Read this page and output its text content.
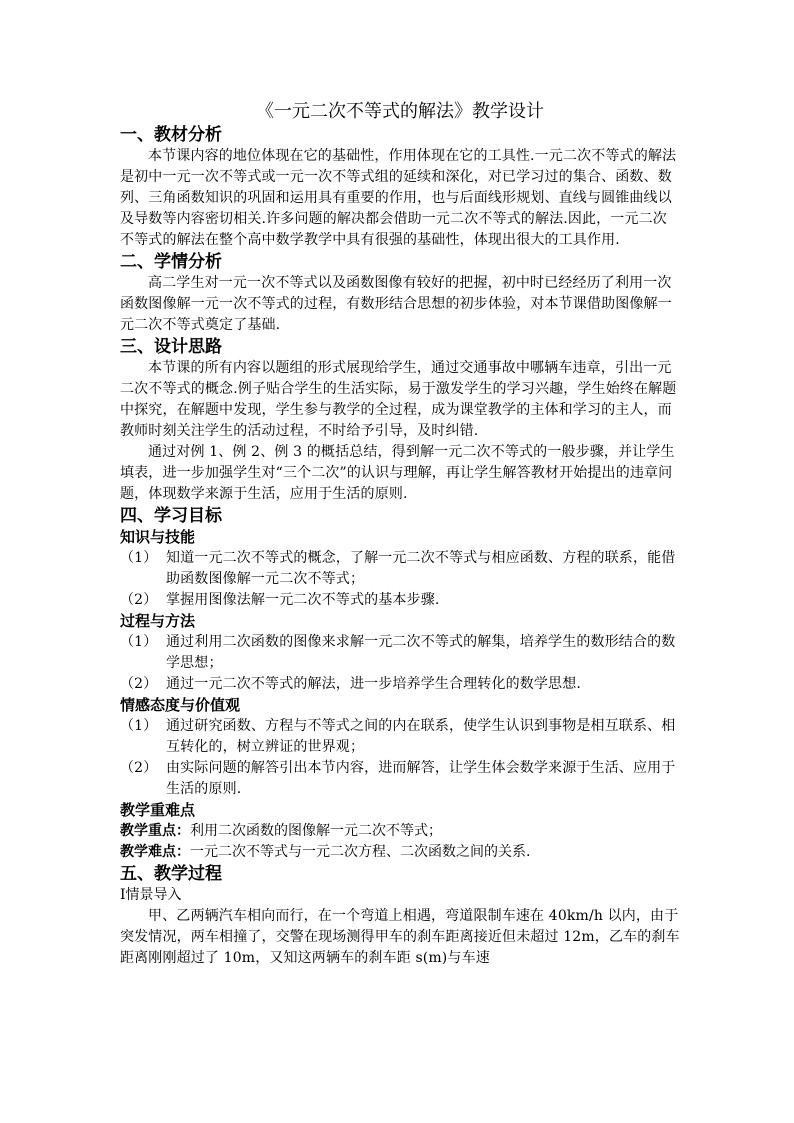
《一元二次不等式的解法》教学设计
一、教材分析

本节课内容的地位体现在它的基础性，作用体现在它的工具性.一元二次不等式的解法是初中一元一次不等式或一元一次不等式组的延续和深化，对已学习过的集合、函数、数列、三角函数知识的巩固和运用具有重要的作用，也与后面线形规划、直线与圆锥曲线以及导数等内容密切相关.许多问题的解决都会借助一元二次不等式的解法.因此，一元二次不等式的解法在整个高中数学教学中具有很强的基础性，体现出很大的工具作用.

二、学情分析

高二学生对一元一次不等式以及函数图像有较好的把握，初中时已经经历了利用一次函数图像解一元一次不等式的过程，有数形结合思想的初步体验，对本节课借助图像解一元二次不等式奠定了基础.

三、设计思路

本节课的所有内容以题组的形式展现给学生，通过交通事故中哪辆车违章，引出一元二次不等式的概念.例子贴合学生的生活实际，易于激发学生的学习兴趣，学生始终在解题中探究，在解题中发现，学生参与教学的全过程，成为课堂教学的主体和学习的主人，而教师时刻关注学生的活动过程，不时给予引导，及时纠错.

通过对例 1、例 2、例 3 的概括总结，得到解一元二次不等式的一般步骤，并让学生填表，进一步加强学生对“三个二次”的认识与理解，再让学生解答教材开始提出的违章问题，体现数学来源于生活，应用于生活的原则.

四、学习目标
知识与技能

（1） 知道一元二次不等式的概念，了解一元二次不等式与相应函数、方程的联系，能借助函数图像解一元二次不等式；

（2） 掌握用图像法解一元二次不等式的基本步骤.

过程与方法

（1） 通过利用二次函数的图像来求解一元二次不等式的解集，培养学生的数形结合的数学思想；

（2） 通过一元二次不等式的解法，进一步培养学生合理转化的数学思想.

情感态度与价值观

（1） 通过研究函数、方程与不等式之间的内在联系，使学生认识到事物是相互联系、相互转化的，树立辨证的世界观；

（2） 由实际问题的解答引出本节内容，进而解答，让学生体会数学来源于生活、应用于生活的原则.

教学重难点

教学重点：利用二次函数的图像解一元二次不等式；

教学难点：一元二次不等式与一元二次方程、二次函数之间的关系.

五、教学过程

Ⅰ情景导入

甲、乙两辆汽车相向而行，在一个弯道上相遇，弯道限制车速在 40km/h 以内，由于突发情况，两车相撞了，交警在现场测得甲车的刹车距离接近但未超过 12m，乙车的刹车距离刚刚超过了 10m，又知这两辆车的刹车距 s(m)与车速
